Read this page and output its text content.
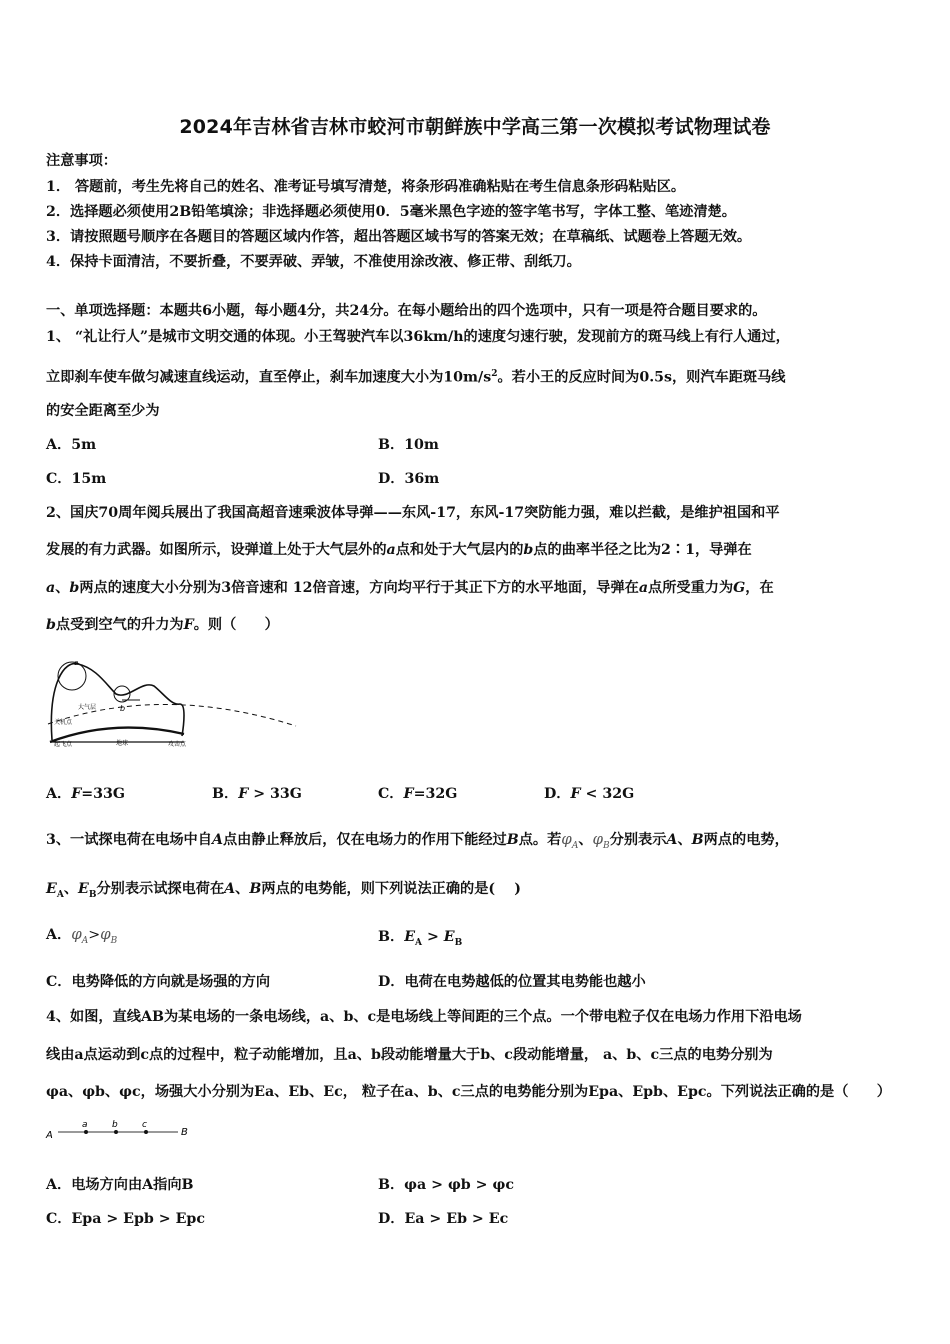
2024年吉林省吉林市蛟河市朝鲜族中学高三第一次模拟考试物理试卷
注意事项：
1． 答题前，考生先将自己的姓名、准考证号填写清楚，将条形码准确粘贴在考生信息条形码粘贴区。
2．选择题必须使用2B铅笔填涂；非选择题必须使用0．5毫米黑色字迹的签字笔书写，字体工整、笔迹清楚。
3．请按照题号顺序在各题目的答题区域内作答，超出答题区域书写的答案无效；在草稿纸、试题卷上答题无效。
4．保持卡面清洁，不要折叠，不要弄破、弄皱，不准使用涂改液、修正带、刮纸刀。
一、单项选择题：本题共6小题，每小题4分，共24分。在每小题给出的四个选项中，只有一项是符合题目要求的。
1、 “礼让行人”是城市文明交通的体现。小王驾驶汽车以36km/h的速度匀速行驶，发现前方的斑马线上有行人通过，
立即刹车使车做匀减速直线运动，直至停止，刹车加速度大小为$10m/s^2$。若小王的反应时间为0.5s，则汽车距斑马线
的安全距离至少为
A．5m	B．10m
C．15m	D．36m
2、国庆70周年阅兵展出了我国高超音速乘波体导弹——东风-17，东风-17突防能力强，难以拦截，是维护祖国和平
发展的有力武器。如图所示，设弹道上处于大气层外的a点和处于大气层内的b点的曲率半径之比为2∶1，导弹在
a、b两点的速度大小分别为3倍音速和 12倍音速，方向均平行于其正下方的水平地面，导弹在a点所受重力为G，在
b点受到空气的升力为F。则（　　）
a
b
大气层
关机点
起飞点	地球	攻击点
A．F=33G	B．F > 33G	C．F=32G	D．F < 32G
3、一试探电荷在电场中自A点由静止释放后，仅在电场力的作用下能经过B点。若$\varphi_A$、$\varphi_B$分别表示A、B两点的电势，
$E_A$、$E_B$分别表示试探电荷在A、B两点的电势能，则下列说法正确的是(　 )
A．$\varphi_A>\varphi_B$	B．$E_A > E_B$
C．电势降低的方向就是场强的方向	D．电荷在电势越低的位置其电势能也越小
4、如图，直线AB为某电场的一条电场线，a、b、c是电场线上等间距的三个点。一个带电粒子仅在电场力作用下沿电场
线由a点运动到c点的过程中，粒子动能增加，且a、b段动能增量大于b、c段动能增量， a、b、c三点的电势分别为
φa、φb、φc，场强大小分别为Ea、Eb、Ec， 粒子在a、b、c三点的电势能分别为Epa、Epb、Epc。下列说法正确的是（　　）
A	B
a	b	c
A．电场方向由A指向B	B．φa > φb > φc
C．Epa > Epb > Epc	D．Ea > Eb > Ec
